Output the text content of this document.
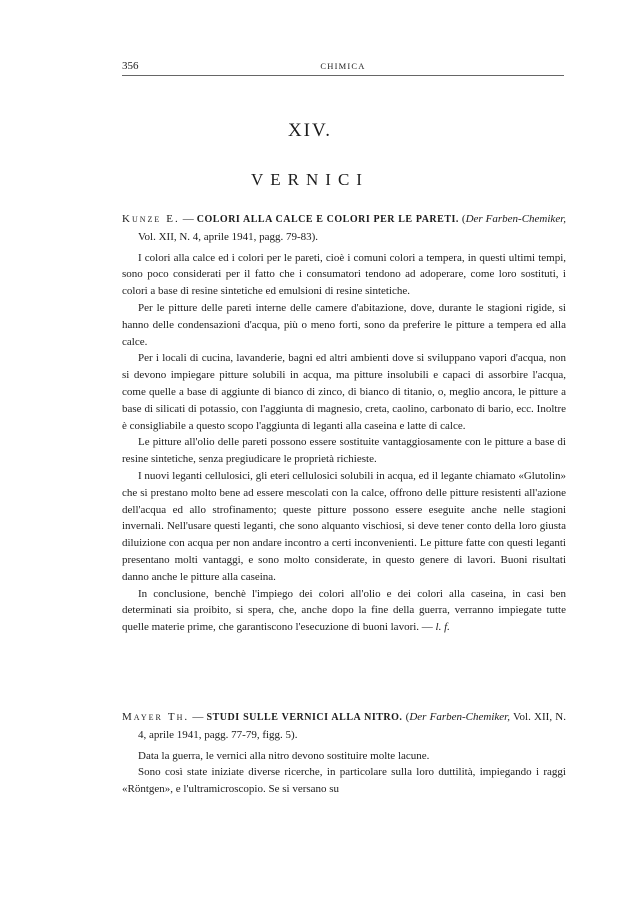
356	CHIMICA
XIV.
VERNICI

Kunze E. — COLORI ALLA CALCE E COLORI PER LE PARETI. (Der Farben-Chemiker, Vol. XII, N. 4, aprile 1941, pagg. 79-83).

I colori alla calce ed i colori per le pareti, cioè i comuni colori a tempera, in questi ultimi tempi, sono poco considerati per il fatto che i consumatori tendono ad adoperare, come loro sostituti, i colori a base di resine sintetiche ed emulsioni di resine sintetiche.

Per le pitture delle pareti interne delle camere d'abitazione, dove, durante le stagioni rigide, si hanno delle condensazioni d'acqua, più o meno forti, sono da preferire le pitture a tempera ed alla calce.

Per i locali di cucina, lavanderie, bagni ed altri ambienti dove si sviluppano vapori d'acqua, non si devono impiegare pitture solubili in acqua, ma pitture insolubili e capaci di assorbire l'acqua, come quelle a base di aggiunte di bianco di zinco, di bianco di titanio, o, meglio ancora, le pitture a base di silicati di potassio, con l'aggiunta di magnesio, creta, caolino, carbonato di bario, ecc. Inoltre è consigliabile a questo scopo l'aggiunta di leganti alla caseina e latte di calce.

Le pitture all'olio delle pareti possono essere sostituite vantaggiosamente con le pitture a base di resine sintetiche, senza pregiudicare le proprietà richieste.

I nuovi leganti cellulosici, gli eteri cellulosici solubili in acqua, ed il legante chiamato «Glutolin» che si prestano molto bene ad essere mescolati con la calce, offrono delle pitture resistenti all'azione dell'acqua ed allo strofinamento; queste pitture possono essere eseguite anche nelle stagioni invernali. Nell'usare questi leganti, che sono alquanto vischiosi, si deve tener conto della loro giusta diluizione con acqua per non andare incontro a certi inconvenienti. Le pitture fatte con questi leganti presentano molti vantaggi, e sono molto considerate, in questo genere di lavori. Buoni risultati danno anche le pitture alla caseina.

In conclusione, benchè l'impiego dei colori all'olio e dei colori alla caseina, in casi ben determinati sia proibito, si spera, che, anche dopo la fine della guerra, verranno impiegate tutte quelle materie prime, che garantiscono l'esecuzione di buoni lavori. — l. f.

Mayer Th. — STUDI SULLE VERNICI ALLA NITRO. (Der Farben-Chemiker, Vol. XII, N. 4, aprile 1941, pagg. 77-79, figg. 5).

Data la guerra, le vernici alla nitro devono sostituire molte lacune.

Sono così state iniziate diverse ricerche, in particolare sulla loro duttilità, impiegando i raggi «Röntgen», e l'ultramicroscopio. Se si versano su
